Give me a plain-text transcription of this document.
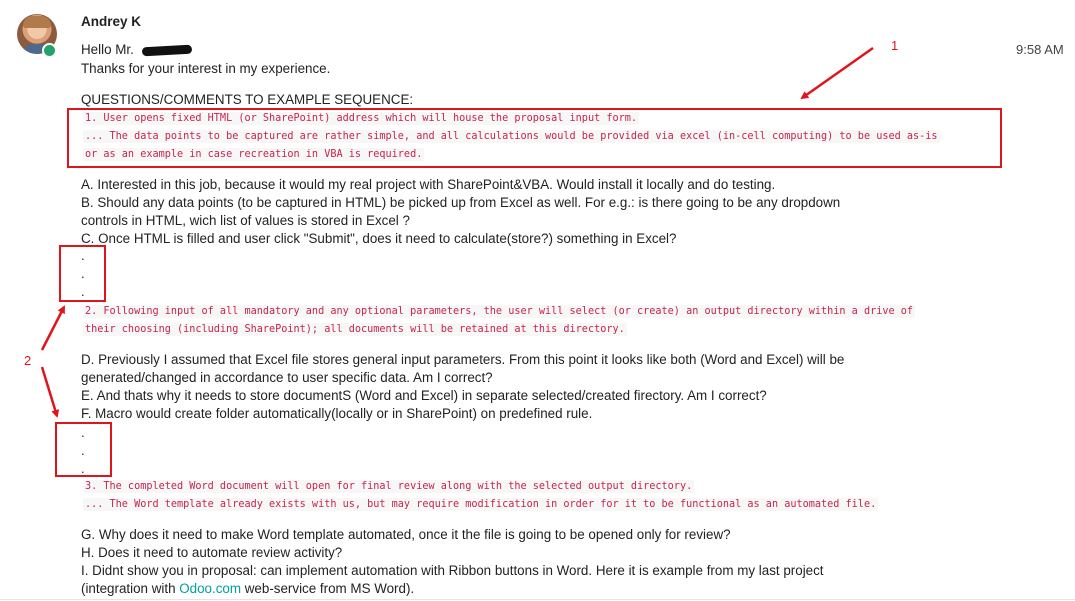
Andrey K
9:58 AM
Hello Mr.
Thanks for your interest in my experience.
QUESTIONS/COMMENTS TO EXAMPLE SEQUENCE:
1. User opens fixed HTML (or SharePoint) address which will house the proposal input form.
... The data points to be captured are rather simple, and all calculations would be provided via excel (in-cell computing) to be used as-is
or as an example in case recreation in VBA is required.
A. Interested in this job, because it would my real project with SharePoint&VBA. Would install it locally and do testing.
B. Should any data points (to be captured in HTML) be picked up from Excel as well. For e.g.: is there going to be any dropdown
controls in HTML, wich list of values is stored in Excel ?
C. Once HTML is filled and user click "Submit", does it need to calculate(store?) something in Excel?
.
.
.
2. Following input of all mandatory and any optional parameters, the user will select (or create) an output directory within a drive of
their choosing (including SharePoint); all documents will be retained at this directory.
D. Previously I assumed that Excel file stores general input parameters. From this point it looks like both (Word and Excel) will be
generated/changed in accordance to user specific data. Am I correct?
E. And thats why it needs to store documentS (Word and Excel) in separate selected/created firectory. Am I correct?
F. Macro would create folder automatically(locally or in SharePoint) on predefined rule.
.
.
.
3. The completed Word document will open for final review along with the selected output directory.
... The Word template already exists with us, but may require modification in order for it to be functional as an automated file.
G. Why does it need to make Word template automated, once it the file is going to be opened only for review?
H. Does it need to automate review activity?
I. Didnt show you in proposal: can implement automation with Ribbon buttons in Word. Here it is example from my last project
(integration with Odoo.com web-service from MS Word).
1
2
